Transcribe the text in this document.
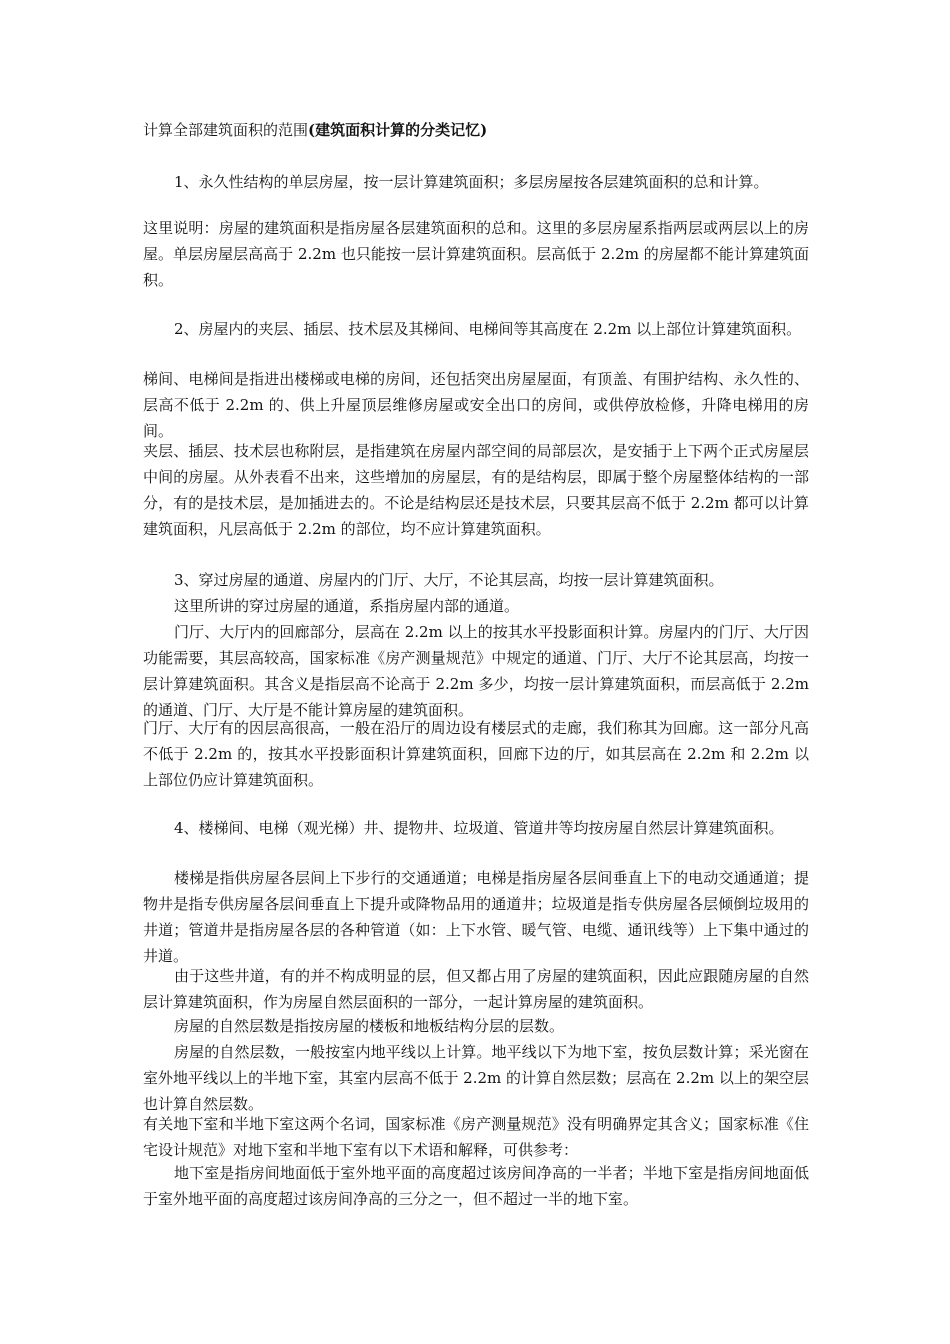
计算全部建筑面积的范围(建筑面积计算的分类记忆)

1、永久性结构的单层房屋，按一层计算建筑面积；多层房屋按各层建筑面积的总和计算。

这里说明：房屋的建筑面积是指房屋各层建筑面积的总和。这里的多层房屋系指两层或两层以上的房屋。单层房屋层高高于 2.2m 也只能按一层计算建筑面积。层高低于 2.2m 的房屋都不能计算建筑面积。

2、房屋内的夹层、插层、技术层及其梯间、电梯间等其高度在 2.2m 以上部位计算建筑面积。

梯间、电梯间是指进出楼梯或电梯的房间，还包括突出房屋屋面，有顶盖、有围护结构、永久性的、层高不低于 2.2m 的、供上升屋顶层维修房屋或安全出口的房间，或供停放检修，升降电梯用的房间。

夹层、插层、技术层也称附层，是指建筑在房屋内部空间的局部层次，是安插于上下两个正式房屋层中间的房屋。从外表看不出来，这些增加的房屋层，有的是结构层，即属于整个房屋整体结构的一部分，有的是技术层，是加插进去的。不论是结构层还是技术层，只要其层高不低于 2.2m 都可以计算建筑面积，凡层高低于 2.2m 的部位，均不应计算建筑面积。

3、穿过房屋的通道、房屋内的门厅、大厅，不论其层高，均按一层计算建筑面积。

这里所讲的穿过房屋的通道，系指房屋内部的通道。

门厅、大厅内的回廊部分，层高在 2.2m 以上的按其水平投影面积计算。房屋内的门厅、大厅因功能需要，其层高较高，国家标准《房产测量规范》中规定的通道、门厅、大厅不论其层高，均按一层计算建筑面积。其含义是指层高不论高于 2.2m 多少，均按一层计算建筑面积，而层高低于 2.2m 的通道、门厅、大厅是不能计算房屋的建筑面积。

门厅、大厅有的因层高很高，一般在沿厅的周边设有楼层式的走廊，我们称其为回廊。这一部分凡高不低于 2.2m 的，按其水平投影面积计算建筑面积，回廊下边的厅，如其层高在 2.2m 和 2.2m 以上部位仍应计算建筑面积。

4、楼梯间、电梯（观光梯）井、提物井、垃圾道、管道井等均按房屋自然层计算建筑面积。

楼梯是指供房屋各层间上下步行的交通通道；电梯是指房屋各层间垂直上下的电动交通通道；提物井是指专供房屋各层间垂直上下提升或降物品用的通道井；垃圾道是指专供房屋各层倾倒垃圾用的井道；管道井是指房屋各层的各种管道（如：上下水管、暖气管、电缆、通讯线等）上下集中通过的井道。

由于这些井道，有的并不构成明显的层，但又都占用了房屋的建筑面积，因此应跟随房屋的自然层计算建筑面积，作为房屋自然层面积的一部分，一起计算房屋的建筑面积。

房屋的自然层数是指按房屋的楼板和地板结构分层的层数。

房屋的自然层数，一般按室内地平线以上计算。地平线以下为地下室，按负层数计算；采光窗在室外地平线以上的半地下室，其室内层高不低于 2.2m 的计算自然层数；层高在 2.2m 以上的架空层也计算自然层数。

有关地下室和半地下室这两个名词，国家标准《房产测量规范》没有明确界定其含义；国家标准《住宅设计规范》对地下室和半地下室有以下术语和解释，可供参考：

地下室是指房间地面低于室外地平面的高度超过该房间净高的一半者；半地下室是指房间地面低于室外地平面的高度超过该房间净高的三分之一，但不超过一半的地下室。
